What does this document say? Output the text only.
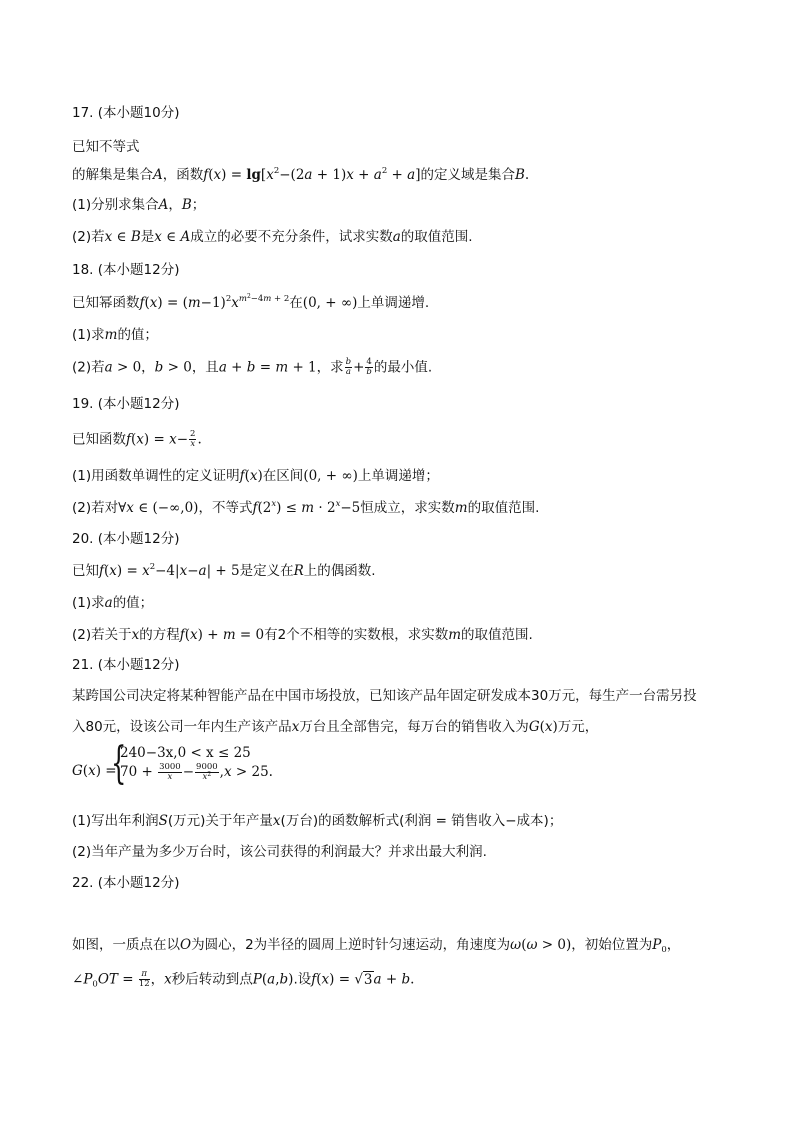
17. (本小题10分)
已知不等式
的解集是集合A，函数$f(x) = \lg[x^2-(2a + 1)x + a^2 + a]$的定义域是集合B.
(1)分别求集合A，B；
(2)若x ∈ B是x ∈ A成立的必要不充分条件，试求实数a的取值范围.
18. (本小题12分)
已知幂函数$f(x) = (m-1)^2x^{m^2-4m + 2}$在(0, + ∞)上单调递增.
(1)求m的值；
(2)若a > 0，b > 0，且a + b = m + 1，求 $\frac{b}{a} + \frac{4}{b}$ 的最小值.
19. (本小题12分)
已知函数$f(x) = x- \frac{2}{x}$ .
(1)用函数单调性的定义证明f(x)在区间(0, + ∞)上单调递增；
(2)若对∀x ∈ (−∞,0)，不等式$f(2^x) \le m \cdot 2^x-5$恒成立，求实数m的取值范围.
20. (本小题12分)
已知$f(x) = x^2-4|x-a| + 5$是定义在R上的偶函数.
(1)求a的值；
(2)若关于x的方程f(x) + m = 0有2个不相等的实数根，求实数m的取值范围.
21. (本小题12分)
某跨国公司决定将某种智能产品在中国市场投放，已知该产品年固定研发成本30万元，每生产一台需另投
入80元，设该公司一年内生产该产品x万台且全部售完，每万台的销售收入为G(x)万元，
G(x) =
{
240−3x,0 < x ≤ 25
$70 + \frac{3000}{x} - \frac{9000}{x^2} ,x > 25$.
(1)写出年利润S(万元)关于年产量x(万台)的函数解析式(利润 = 销售收入−成本)；
(2)当年产量为多少万台时，该公司获得的利润最大？并求出最大利润.
22. (本小题12分)
如图，一质点在以O为圆心，2为半径的圆周上逆时针匀速运动，角速度为ω(ω > 0)，初始位置为$P_0$，
$\angle P_0OT = \frac{\pi}{12}$ ，x秒后转动到点P(a,b).设f(x) = √3a + b.
